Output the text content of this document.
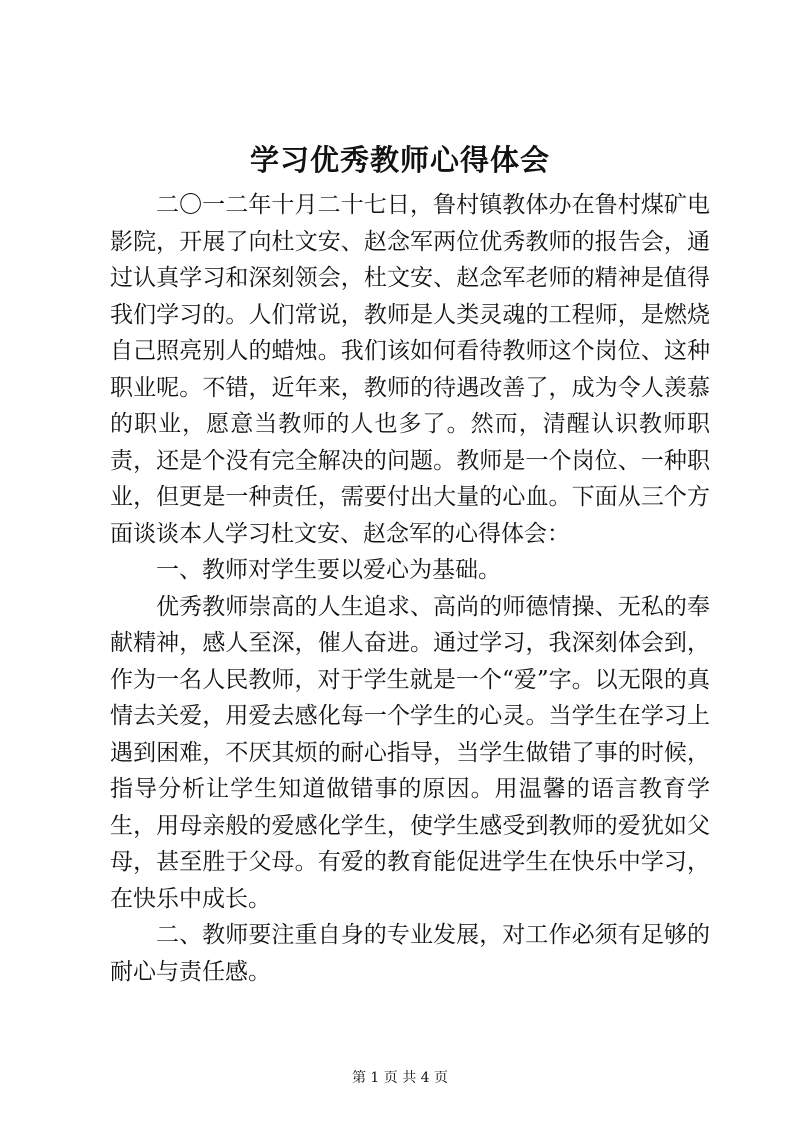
学习优秀教师心得体会

二〇一二年十月二十七日，鲁村镇教体办在鲁村煤矿电影院，开展了向杜文安、赵念军两位优秀教师的报告会，通过认真学习和深刻领会，杜文安、赵念军老师的精神是值得我们学习的。人们常说，教师是人类灵魂的工程师，是燃烧自己照亮别人的蜡烛。我们该如何看待教师这个岗位、这种职业呢。不错，近年来，教师的待遇改善了，成为令人羡慕的职业，愿意当教师的人也多了。然而，清醒认识教师职责，还是个没有完全解决的问题。教师是一个岗位、一种职业，但更是一种责任，需要付出大量的心血。下面从三个方面谈谈本人学习杜文安、赵念军的心得体会：

一、教师对学生要以爱心为基础。

优秀教师崇高的人生追求、高尚的师德情操、无私的奉献精神，感人至深，催人奋进。通过学习，我深刻体会到，作为一名人民教师，对于学生就是一个“爱”字。以无限的真情去关爱，用爱去感化每一个学生的心灵。当学生在学习上遇到困难，不厌其烦的耐心指导，当学生做错了事的时候，指导分析让学生知道做错事的原因。用温馨的语言教育学生，用母亲般的爱感化学生，使学生感受到教师的爱犹如父母，甚至胜于父母。有爱的教育能促进学生在快乐中学习，在快乐中成长。

二、教师要注重自身的专业发展，对工作必须有足够的耐心与责任感。

第 1 页 共 4 页
